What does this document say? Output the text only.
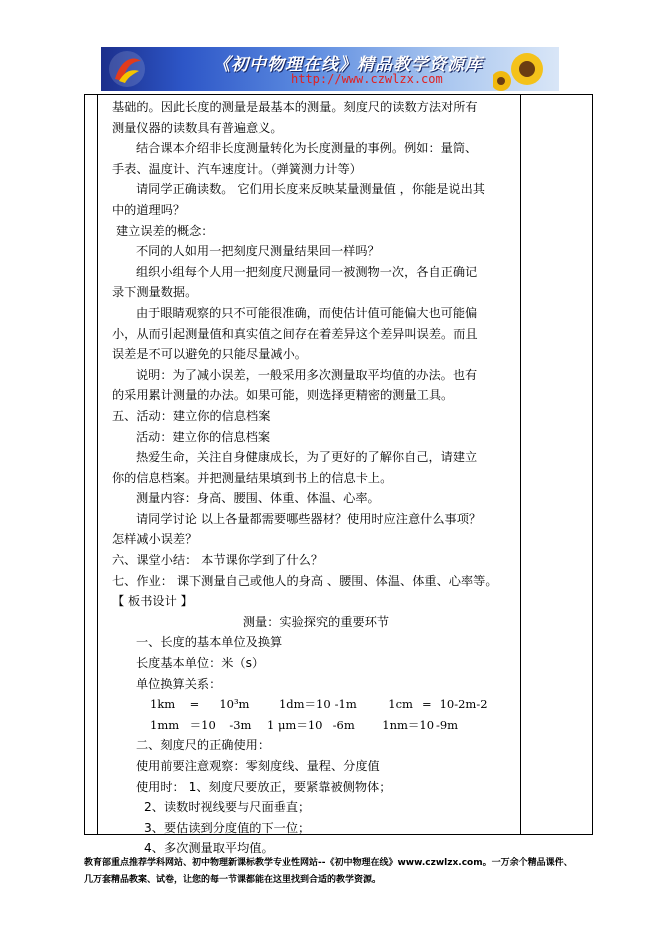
《初中物理在线》精品教学资源库
http://www.czwlzx.com
基础的。因此长度的测量是最基本的测量。刻度尺的读数方法对所有
测量仪器的读数具有普遍意义。
结合课本介绍非长度测量转化为长度测量的事例。例如：量筒、
手表、温度计、汽车速度计。（弹簧测力计等）
请同学正确读数。 它们用长度来反映某量测量值 ，你能是说出其
中的道理吗？
建立误差的概念：
不同的人如用一把刻度尺测量结果回一样吗？
组织小组每个人用一把刻度尺测量同一被测物一次，各自正确记
录下测量数据。
由于眼睛观察的只不可能很准确，而使估计值可能偏大也可能偏
小，从而引起测量值和真实值之间存在着差异这个差异叫误差。而且
误差是不可以避免的只能尽量减小。
说明：为了减小误差，一般采用多次测量取平均值的办法。也有
的采用累计测量的办法。如果可能，则选择更精密的测量工具。
五、活动：建立你的信息档案
活动：建立你的信息档案
热爱生命，关注自身健康成长，为了更好的了解你自己，请建立
你的信息档案。并把测量结果填到书上的信息卡上。
测量内容：身高、腰围、体重、体温、心率。
请同学讨论 以上各量都需要哪些器材？使用时应注意什么事项？
怎样减小误差？
六、课堂小结： 本节课你学到了什么？
七、作业： 课下测量自己或他人的身高 、腰围、体温、体重、心率等。
【 板书设计 】
测量：实验探究的重要环节
一、长度的基本单位及换算
长度基本单位：米（s）
单位换算关系：
1km = 10³m	1dm＝10 -1m	1cm = 10-2m-2
1mm ＝10 -3m 1 μm＝10 -6m 1nm＝10 -9m
二、刻度尺的正确使用：
使用前要注意观察：零刻度线、量程、分度值
使用时： 1、刻度尺要放正，要紧靠被侧物体；
2、读数时视线要与尺面垂直；
3、要估读到分度值的下一位；
4、多次测量取平均值。
教育部重点推荐学科网站、初中物理新课标教学专业性网站--《初中物理在线》www.czwlzx.com。一万余个精品课件、
几万套精品教案、试卷，让您的每一节课都能在这里找到合适的教学资源。
